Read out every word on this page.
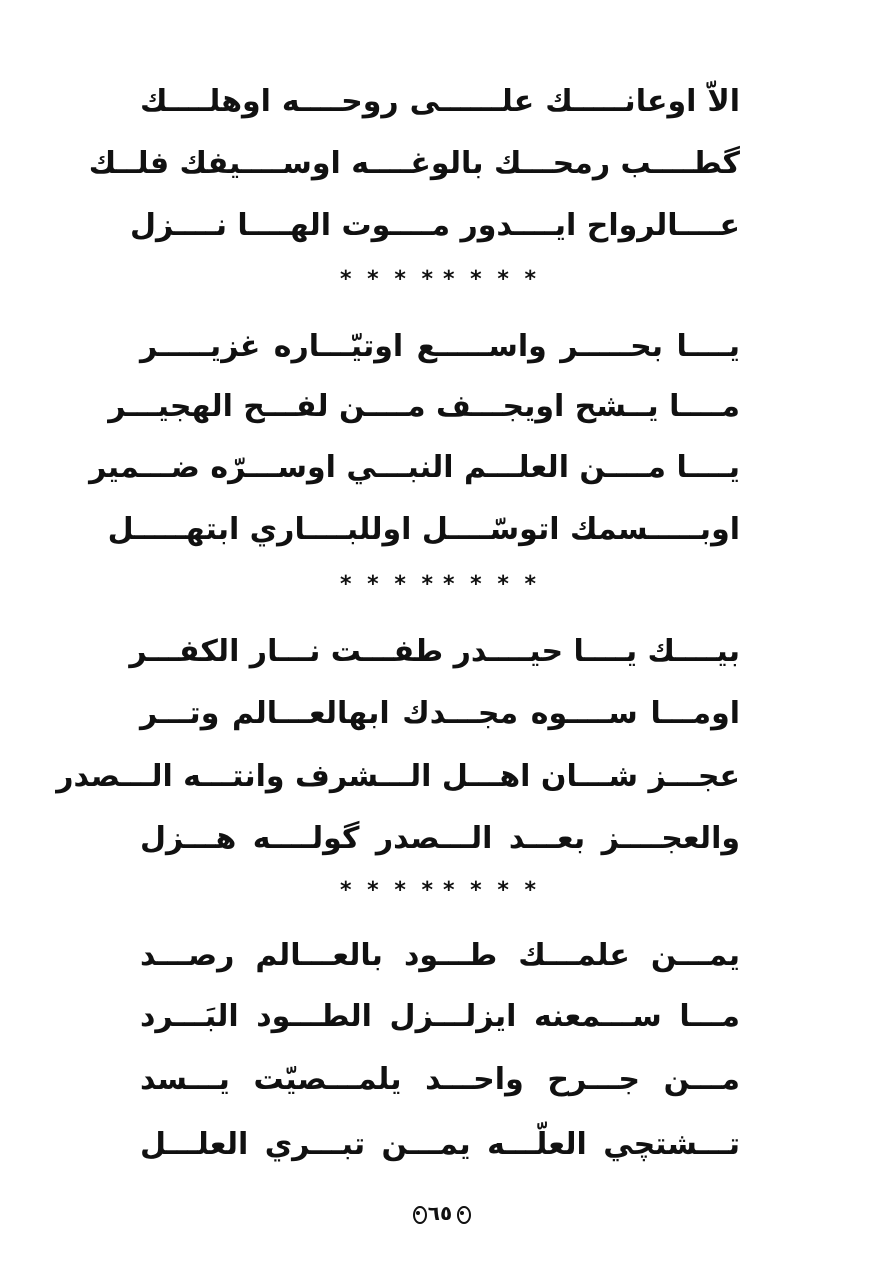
الاّ اوعانـــــك علــــــى روحــــه اوهلــــك
گطــــب رمحـــك بالوغــــه اوســــيفك فلــك
عــــالرواح ايــــدور مــــوت الهــــا نــــزل
* * * *
* * * *
يــــا بحـــــر واســـــع اوتيّـــاره غزيـــــر
مــــا يــشح اويجـــف مــــن لفـــح الهجيـــر
يــــا مــــن العلـــم النبـــي اوســـرّه ضـــمير
اوبـــــسمك اتوسّــــل اوللبــــاري ابتهـــــل
* * * *
* * * *
بيــــك يــــا حيــــدر طفـــت نـــار الكفـــر
اومـــا ســــوه مجـــدك ابهالعـــالم وتـــر
عجـــز شـــان اهـــل الـــشرف وانتـــه الـــصدر
والعجــــز بعـــد الـــصدر گولــــه هـــزل
* * * *
* * * *
يمـــن علمـــك طـــود بالعـــالم رصـــد
مـــا ســـمعنه ايزلـــزل الطـــود البَـــرد
مـــن جـــرح واحـــد يلمـــصيّت يـــسد
تـــشتچي العلّـــه يمـــن تبـــري العلـــل
٦٥
